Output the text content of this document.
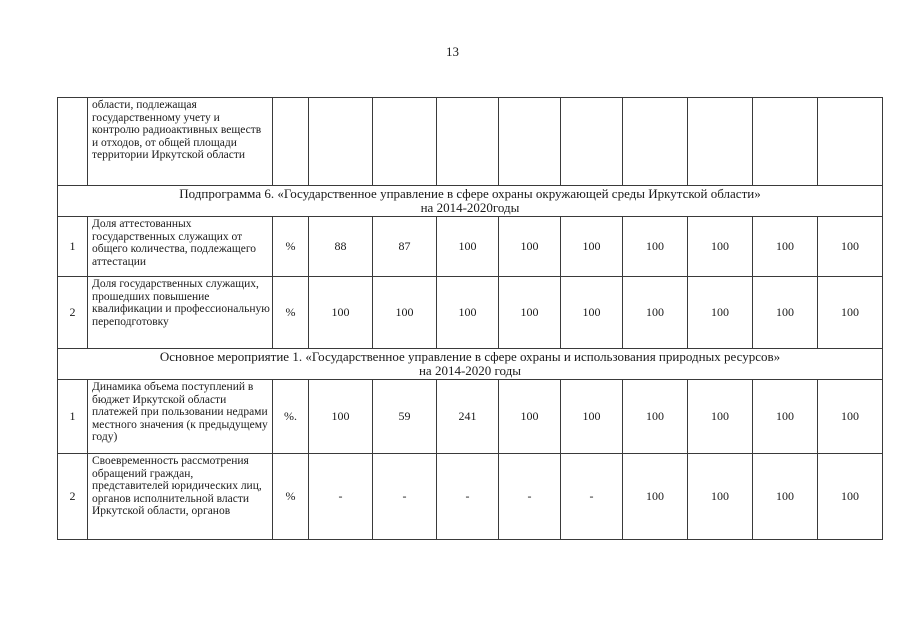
13

	области, подлежащая государственному учету и контролю радиоактивных веществ и отходов, от общей площади территории Иркутской области										

Подпрограмма 6. «Государственное управление в сфере охраны окружающей среды Иркутской области»
на 2014-2020годы											

1	Доля аттестованных государственных служащих от общего количества, подлежащего аттестации	%	88	87	100	100	100	100	100	100	100
2	Доля государственных служащих, прошедших повышение квалификации и профессиональную переподготовку	%	100	100	100	100	100	100	100	100	100

Основное мероприятие 1. «Государственное управление в сфере охраны и использования природных ресурсов»
на 2014-2020 годы											

1	Динамика объема поступлений в бюджет Иркутской области платежей при пользовании недрами местного значения (к предыдущему году)	%.	100	59	241	100	100	100	100	100	100
2	Своевременность рассмотрения обращений граждан, представителей юридических лиц, органов исполнительной власти Иркутской области, органов	%	-	-	-	-	-	100	100	100	100
